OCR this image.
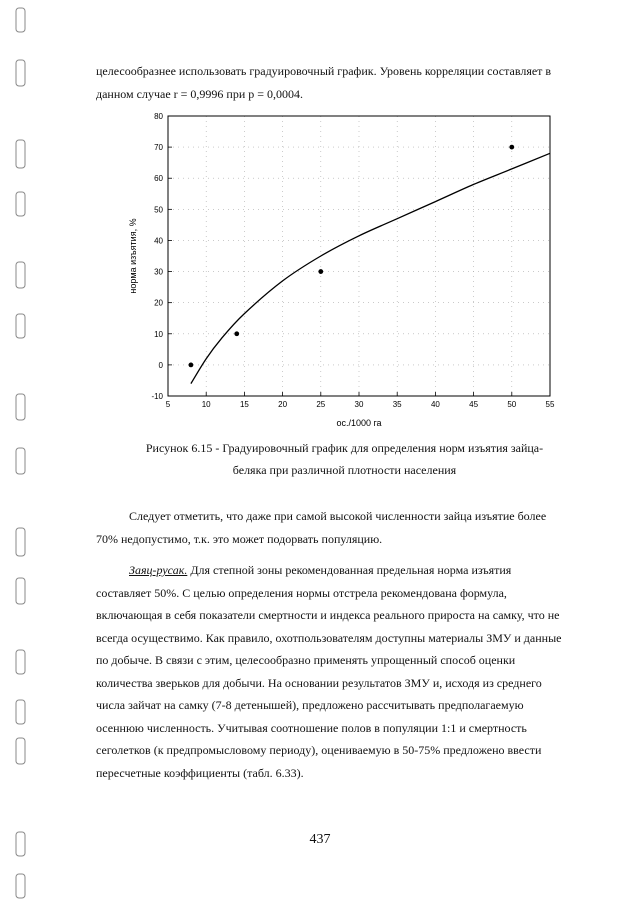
целесообразнее использовать градуировочный график. Уровень корреляции составляет в

данном случае r = 0,9996 при p = 0,0004.

5	10	15	20	25	30	35	40	45	50	55
-10
0
10
20
30
40
50
60
70
80
норма изъятия, %
ос./1000 га
Рисунок 6.15 - Градуировочный график для определения норм изъятия зайца-
беляка при различной плотности населения

Следует отметить, что даже при самой высокой численности зайца изъятие более

70% недопустимо, т.к. это может подорвать популяцию.

Заяц-русак. Для степной зоны рекомендованная предельная норма изъятия

составляет 50%. С целью определения нормы отстрела рекомендована формула,

включающая в себя показатели смертности и индекса реального прироста на самку, что не

всегда осуществимо. Как правило, охотпользователям доступны материалы ЗМУ и данные

по добыче. В связи с этим, целесообразно применять упрощенный способ оценки

количества зверьков для добычи. На основании результатов ЗМУ и, исходя из среднего

числа зайчат на самку (7-8 детенышей), предложено рассчитывать предполагаемую

осеннюю численность. Учитывая соотношение полов в популяции 1:1 и смертность

сеголетков (к предпромысловому периоду), оцениваемую в 50-75% предложено ввести

пересчетные коэффициенты (табл. 6.33).

437
